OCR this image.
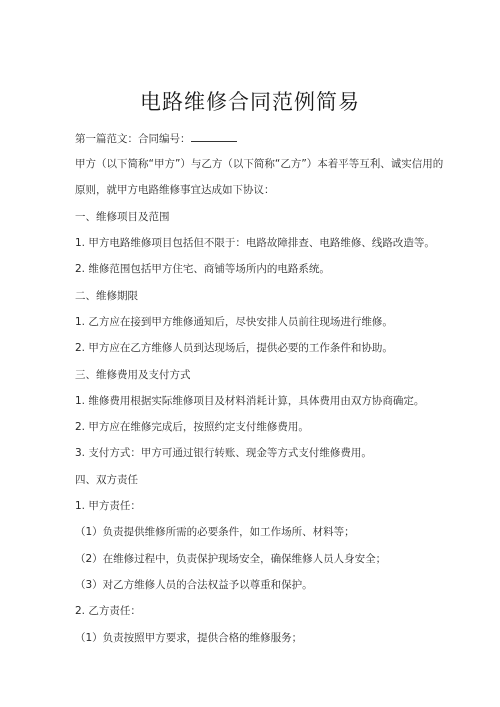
电路维修合同范例简易
第一篇范文：合同编号：
甲方（以下简称“甲方”）与乙方（以下简称“乙方”）本着平等互利、诚实信用的
原则，就甲方电路维修事宜达成如下协议：
一、维修项目及范围
1. 甲方电路维修项目包括但不限于：电路故障排查、电路维修、线路改造等。
2. 维修范围包括甲方住宅、商铺等场所内的电路系统。
二、维修期限
1. 乙方应在接到甲方维修通知后，尽快安排人员前往现场进行维修。
2. 甲方应在乙方维修人员到达现场后，提供必要的工作条件和协助。
三、维修费用及支付方式
1. 维修费用根据实际维修项目及材料消耗计算，具体费用由双方协商确定。
2. 甲方应在维修完成后，按照约定支付维修费用。
3. 支付方式：甲方可通过银行转账、现金等方式支付维修费用。
四、双方责任
1. 甲方责任：
（1）负责提供维修所需的必要条件，如工作场所、材料等；
（2）在维修过程中，负责保护现场安全，确保维修人员人身安全；
（3）对乙方维修人员的合法权益予以尊重和保护。
2. 乙方责任：
（1）负责按照甲方要求，提供合格的维修服务；
